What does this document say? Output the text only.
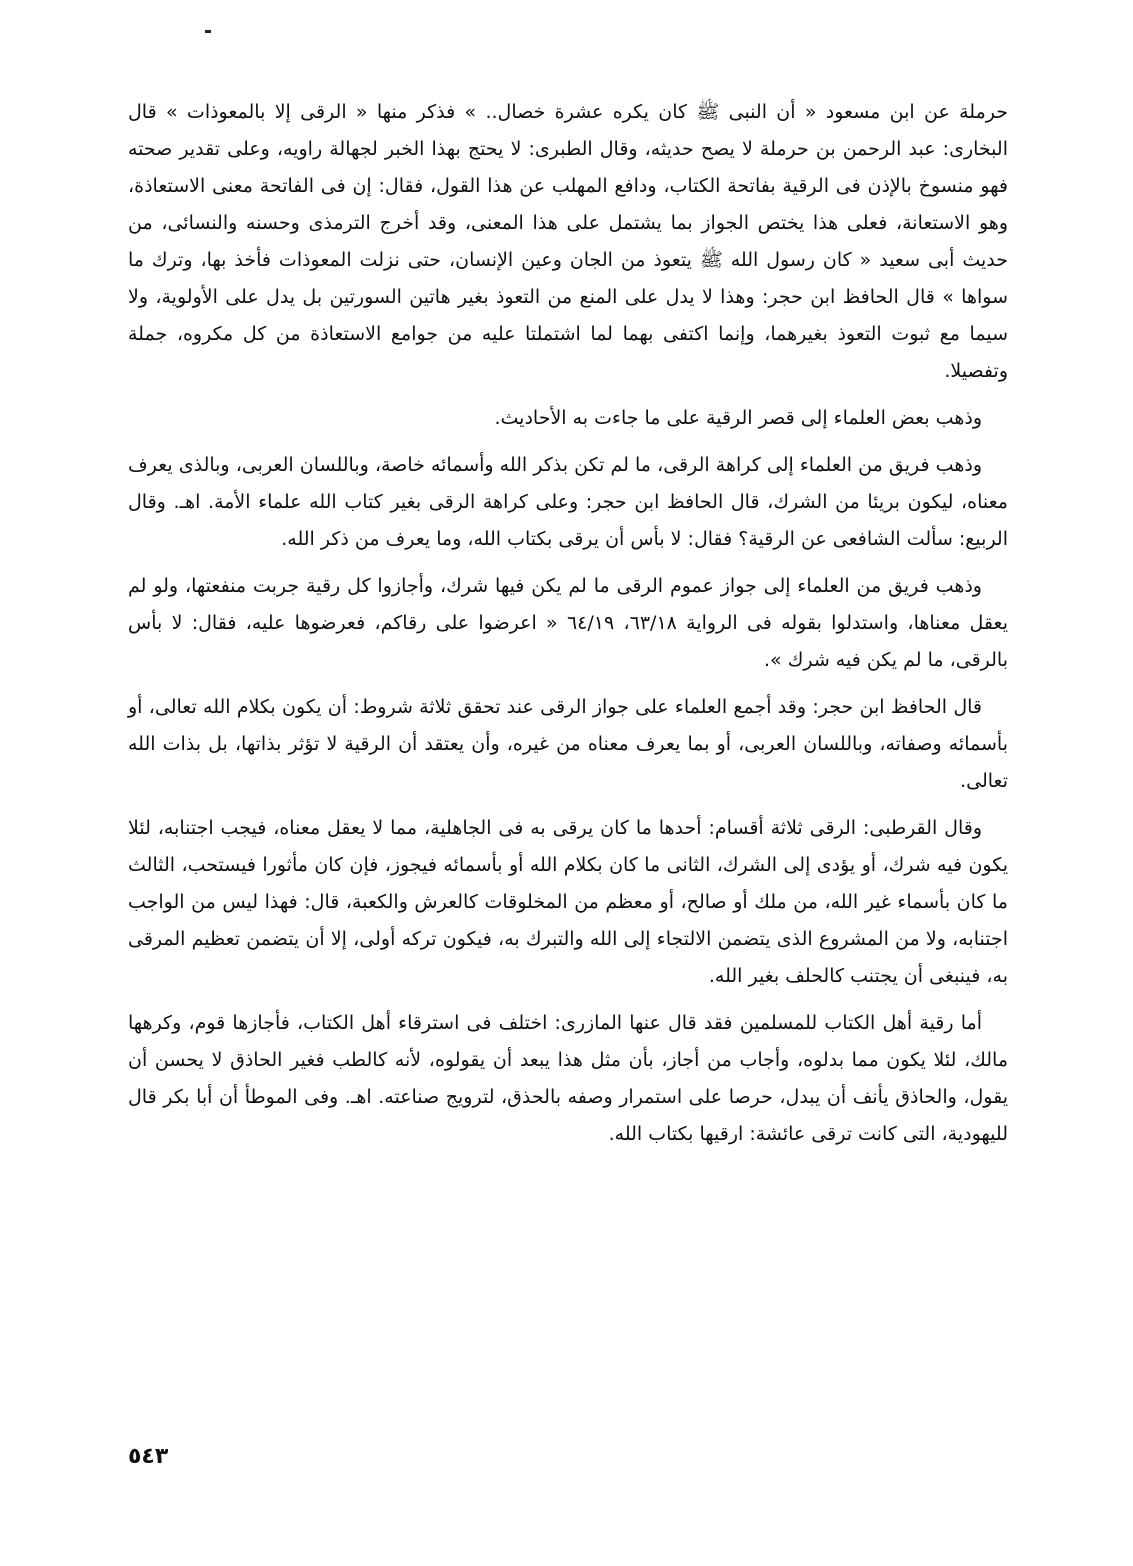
حرملة عن ابن مسعود « أن النبى ﷺ كان يكره عشرة خصال.. » فذكر منها « الرقى إلا بالمعوذات » قال البخارى: عبد الرحمن بن حرملة لا يصح حديثه، وقال الطبرى: لا يحتج بهذا الخبر لجهالة راويه، وعلى تقدير صحته فهو منسوخ بالإذن فى الرقية بفاتحة الكتاب، ودافع المهلب عن هذا القول، فقال: إن فى الفاتحة معنى الاستعاذة، وهو الاستعانة، فعلى هذا يختص الجواز بما يشتمل على هذا المعنى، وقد أخرج الترمذى وحسنه والنسائى، من حديث أبى سعيد « كان رسول الله ﷺ يتعوذ من الجان وعين الإنسان، حتى نزلت المعوذات فأخذ بها، وترك ما سواها » قال الحافظ ابن حجر: وهذا لا يدل على المنع من التعوذ بغير هاتين السورتين بل يدل على الأولوية، ولا سيما مع ثبوت التعوذ بغيرهما، وإنما اكتفى بهما لما اشتملتا عليه من جوامع الاستعاذة من كل مكروه، جملة وتفصيلا.

وذهب بعض العلماء إلى قصر الرقية على ما جاءت به الأحاديث.

وذهب فريق من العلماء إلى كراهة الرقى، ما لم تكن بذكر الله وأسمائه خاصة، وباللسان العربى، وبالذى يعرف معناه، ليكون بريئا من الشرك، قال الحافظ ابن حجر: وعلى كراهة الرقى بغير كتاب الله علماء الأمة. اهـ. وقال الربيع: سألت الشافعى عن الرقية؟ فقال: لا بأس أن يرقى بكتاب الله، وما يعرف من ذكر الله.

وذهب فريق من العلماء إلى جواز عموم الرقى ما لم يكن فيها شرك، وأجازوا كل رقية جربت منفعتها، ولو لم يعقل معناها، واستدلوا بقوله فى الرواية ٦٣/١٨، ٦٤/١٩ « اعرضوا على رقاكم، فعرضوها عليه، فقال: لا بأس بالرقى، ما لم يكن فيه شرك ».

قال الحافظ ابن حجر: وقد أجمع العلماء على جواز الرقى عند تحقق ثلاثة شروط: أن يكون بكلام الله تعالى، أو بأسمائه وصفاته، وباللسان العربى، أو بما يعرف معناه من غيره، وأن يعتقد أن الرقية لا تؤثر بذاتها، بل بذات الله تعالى.

وقال القرطبى: الرقى ثلاثة أقسام: أحدها ما كان يرقى به فى الجاهلية، مما لا يعقل معناه، فيجب اجتنابه، لئلا يكون فيه شرك، أو يؤدى إلى الشرك، الثانى ما كان بكلام الله أو بأسمائه فيجوز، فإن كان مأثورا فيستحب، الثالث ما كان بأسماء غير الله، من ملك أو صالح، أو معظم من المخلوقات كالعرش والكعبة، قال: فهذا ليس من الواجب اجتنابه، ولا من المشروع الذى يتضمن الالتجاء إلى الله والتبرك به، فيكون تركه أولى، إلا أن يتضمن تعظيم المرقى به، فينبغى أن يجتنب كالحلف بغير الله.

أما رقية أهل الكتاب للمسلمين فقد قال عنها المازرى: اختلف فى استرقاء أهل الكتاب، فأجازها قوم، وكرهها مالك، لئلا يكون مما بدلوه، وأجاب من أجاز، بأن مثل هذا يبعد أن يقولوه، لأنه كالطب فغير الحاذق لا يحسن أن يقول، والحاذق يأنف أن يبدل، حرصا على استمرار وصفه بالحذق، لترويج صناعته. اهـ. وفى الموطأ أن أبا بكر قال لليهودية، التى كانت ترقى عائشة: ارقيها بكتاب الله.

٥٤٣
